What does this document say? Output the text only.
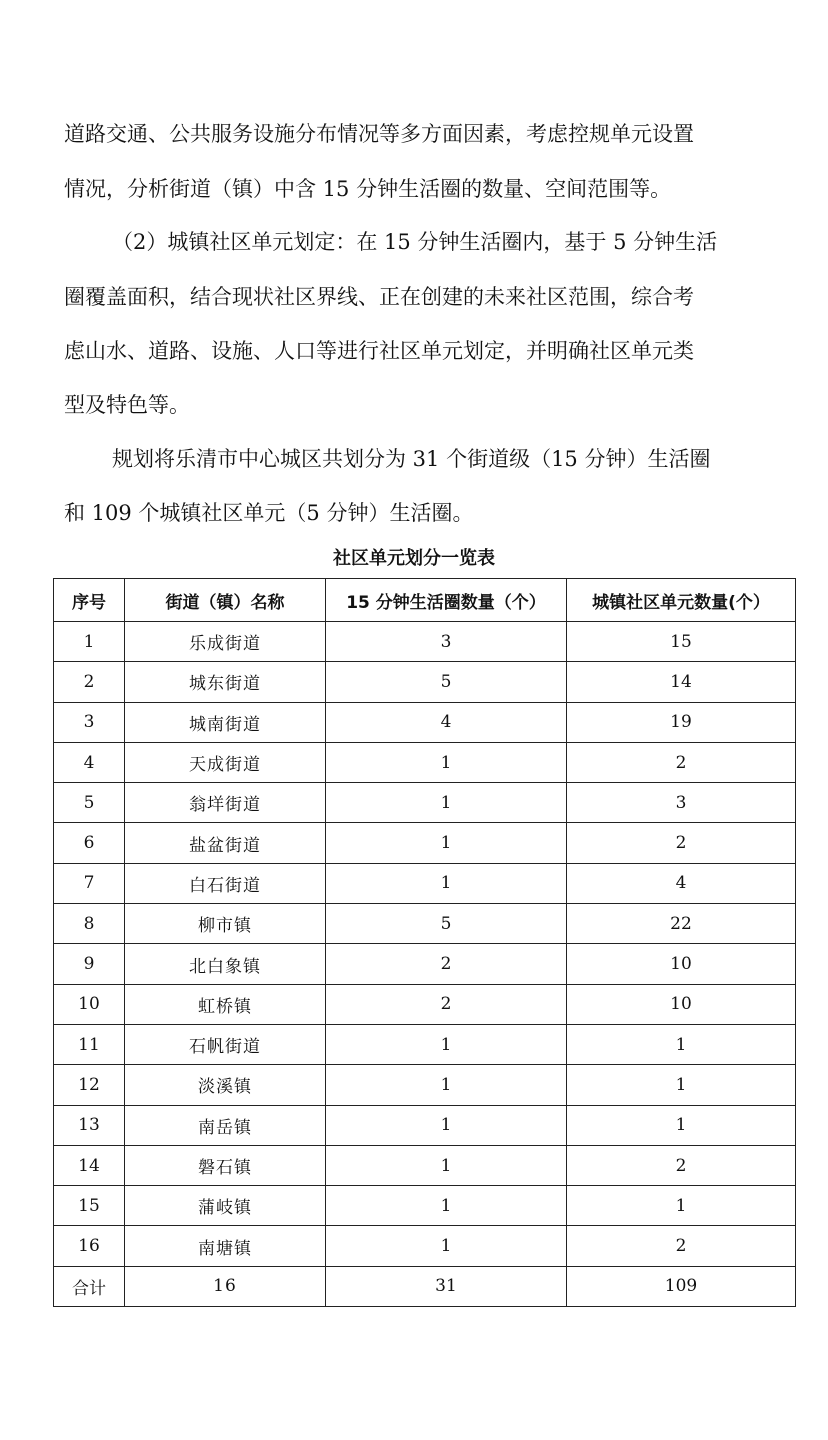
道路交通、公共服务设施分布情况等多方面因素，考虑控规单元设置

情况，分析街道（镇）中含 15 分钟生活圈的数量、空间范围等。

（2）城镇社区单元划定：在 15 分钟生活圈内，基于 5 分钟生活

圈覆盖面积，结合现状社区界线、正在创建的未来社区范围，综合考

虑山水、道路、设施、人口等进行社区单元划定，并明确社区单元类

型及特色等。

规划将乐清市中心城区共划分为 31 个街道级（15 分钟）生活圈

和 109 个城镇社区单元（5 分钟）生活圈。

社区单元划分一览表
序号	街道（镇）名称	15 分钟生活圈数量（个）	城镇社区单元数量(个）
1	乐成街道	3	15
2	城东街道	5	14
3	城南街道	4	19
4	天成街道	1	2
5	翁垟街道	1	3
6	盐盆街道	1	2
7	白石街道	1	4
8	柳市镇	5	22
9	北白象镇	2	10
10	虹桥镇	2	10
11	石帆街道	1	1
12	淡溪镇	1	1
13	南岳镇	1	1
14	磐石镇	1	2
15	蒲岐镇	1	1
16	南塘镇	1	2
合计	16	31	109
